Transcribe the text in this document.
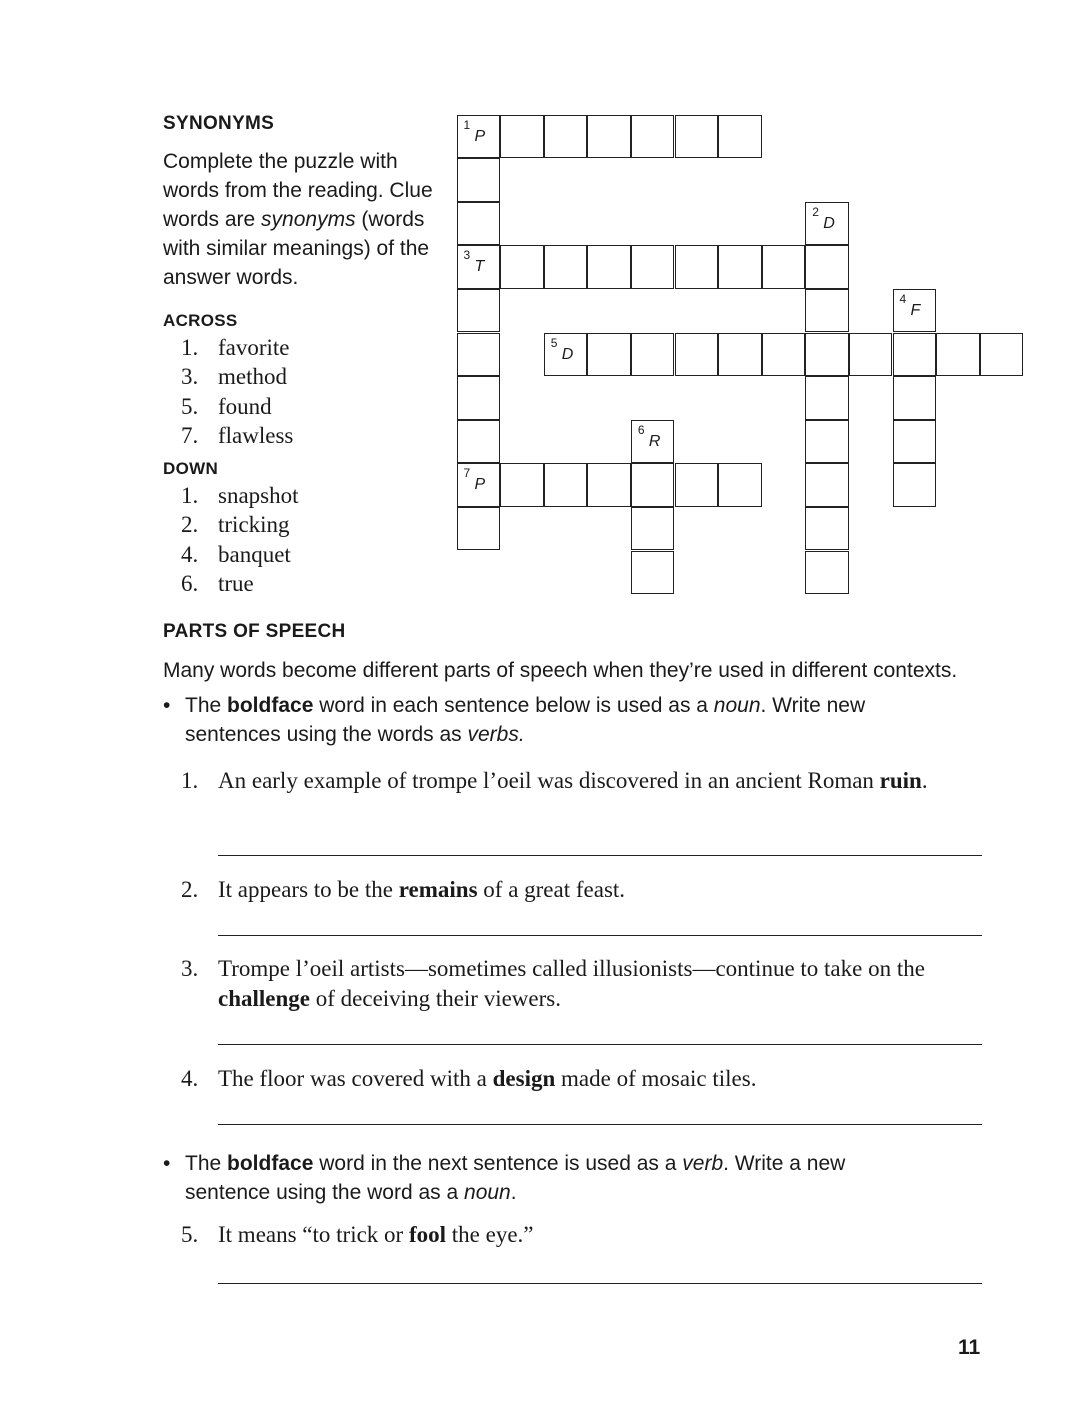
SYNONYMS
Complete the puzzle with words from the reading. Clue words are synonyms (words with similar meanings) of the answer words.
ACROSS
1. favorite
3. method
5. found
7. flawless
DOWN
1. snapshot
2. tricking
4. banquet
6. true
1
P
3
T
7
P
2
D
4
F
5
D
6
R
PARTS OF SPEECH
Many words become different parts of speech when they’re used in different contexts.
• The boldface word in each sentence below is used as a noun. Write new sentences using the words as verbs.
1. An early example of trompe l’oeil was discovered in an ancient Roman ruin.
2. It appears to be the remains of a great feast.
3. Trompe l’oeil artists—sometimes called illusionists—continue to take on the challenge of deceiving their viewers.
4. The floor was covered with a design made of mosaic tiles.
• The boldface word in the next sentence is used as a verb. Write a new sentence using the word as a noun.
5. It means “to trick or fool the eye.”
11
